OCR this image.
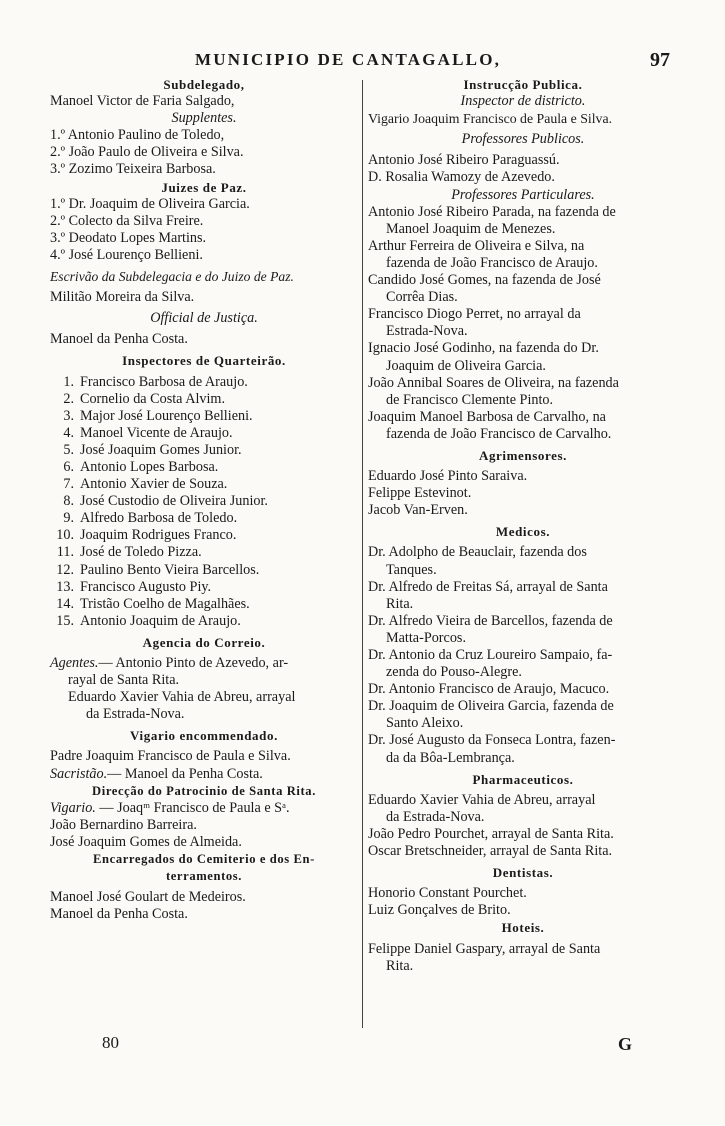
MUNICIPIO DE CANTAGALLO,	97
Subdelegado,
Manoel Victor de Faria Salgado,
Supplentes.
1.º Antonio Paulino de Toledo,
2.º João Paulo de Oliveira e Silva.
3.º Zozimo Teixeira Barbosa.
Juizes de Paz.
1.º Dr. Joaquim de Oliveira Garcia.
2.º Colecto da Silva Freire.
3.º Deodato Lopes Martins.
4.º José Lourenço Bellieni.
Escrivão da Subdelegacia e do Juizo de Paz.
Militão Moreira da Silva.
Official de Justiça.
Manoel da Penha Costa.
Inspectores de Quarteirão.
1. Francisco Barbosa de Araujo.
2. Cornelio da Costa Alvim.
3. Major José Lourenço Bellieni.
4. Manoel Vicente de Araujo.
5. José Joaquim Gomes Junior.
6. Antonio Lopes Barbosa.
7. Antonio Xavier de Souza.
8. José Custodio de Oliveira Junior.
9. Alfredo Barbosa de Toledo.
10. Joaquim Rodrigues Franco.
11. José de Toledo Pizza.
12. Paulino Bento Vieira Barcellos.
13. Francisco Augusto Piy.
14. Tristão Coelho de Magalhães.
15. Antonio Joaquim de Araujo.
Agencia do Correio.
Agentes.— Antonio Pinto de Azevedo, ar-
rayal de Santa Rita.
Eduardo Xavier Vahia de Abreu, arrayal
da Estrada-Nova.
Vigario encommendado.
Padre Joaquim Francisco de Paula e Silva.
Sacristão.— Manoel da Penha Costa.
Direcção do Patrocinio de Santa Rita.
Vigario. — Joaqᵐ Francisco de Paula e Sᵃ.
João Bernardino Barreira.
José Joaquim Gomes de Almeida.
Encarregados do Cemiterio e dos En-
terramentos.
Manoel José Goulart de Medeiros.
Manoel da Penha Costa.
Instrucção Publica.
Inspector de districto.
Vigario Joaquim Francisco de Paula e Silva.
Professores Publicos.
Antonio José Ribeiro Paraguassú.
D. Rosalia Wamozy de Azevedo.
Professores Particulares.
Antonio José Ribeiro Parada, na fazenda de
Manoel Joaquim de Menezes.
Arthur Ferreira de Oliveira e Silva, na
fazenda de João Francisco de Araujo.
Candido José Gomes, na fazenda de José
Corrêa Dias.
Francisco Diogo Perret, no arrayal da
Estrada-Nova.
Ignacio José Godinho, na fazenda do Dr.
Joaquim de Oliveira Garcia.
João Annibal Soares de Oliveira, na fazenda
de Francisco Clemente Pinto.
Joaquim Manoel Barbosa de Carvalho, na
fazenda de João Francisco de Carvalho.
Agrimensores.
Eduardo José Pinto Saraiva.
Felippe Estevinot.
Jacob Van-Erven.
Medicos.
Dr. Adolpho de Beauclair, fazenda dos
Tanques.
Dr. Alfredo de Freitas Sá, arrayal de Santa
Rita.
Dr. Alfredo Vieira de Barcellos, fazenda de
Matta-Porcos.
Dr. Antonio da Cruz Loureiro Sampaio, fa-
zenda do Pouso-Alegre.
Dr. Antonio Francisco de Araujo, Macuco.
Dr. Joaquim de Oliveira Garcia, fazenda de
Santo Aleixo.
Dr. José Augusto da Fonseca Lontra, fazen-
da da Bôa-Lembrança.
Pharmaceuticos.
Eduardo Xavier Vahia de Abreu, arrayal
da Estrada-Nova.
João Pedro Pourchet, arrayal de Santa Rita.
Oscar Bretschneider, arrayal de Santa Rita.
Dentistas.
Honorio Constant Pourchet.
Luiz Gonçalves de Brito.
Hoteis.
Felippe Daniel Gaspary, arrayal de Santa
Rita.
80	G
